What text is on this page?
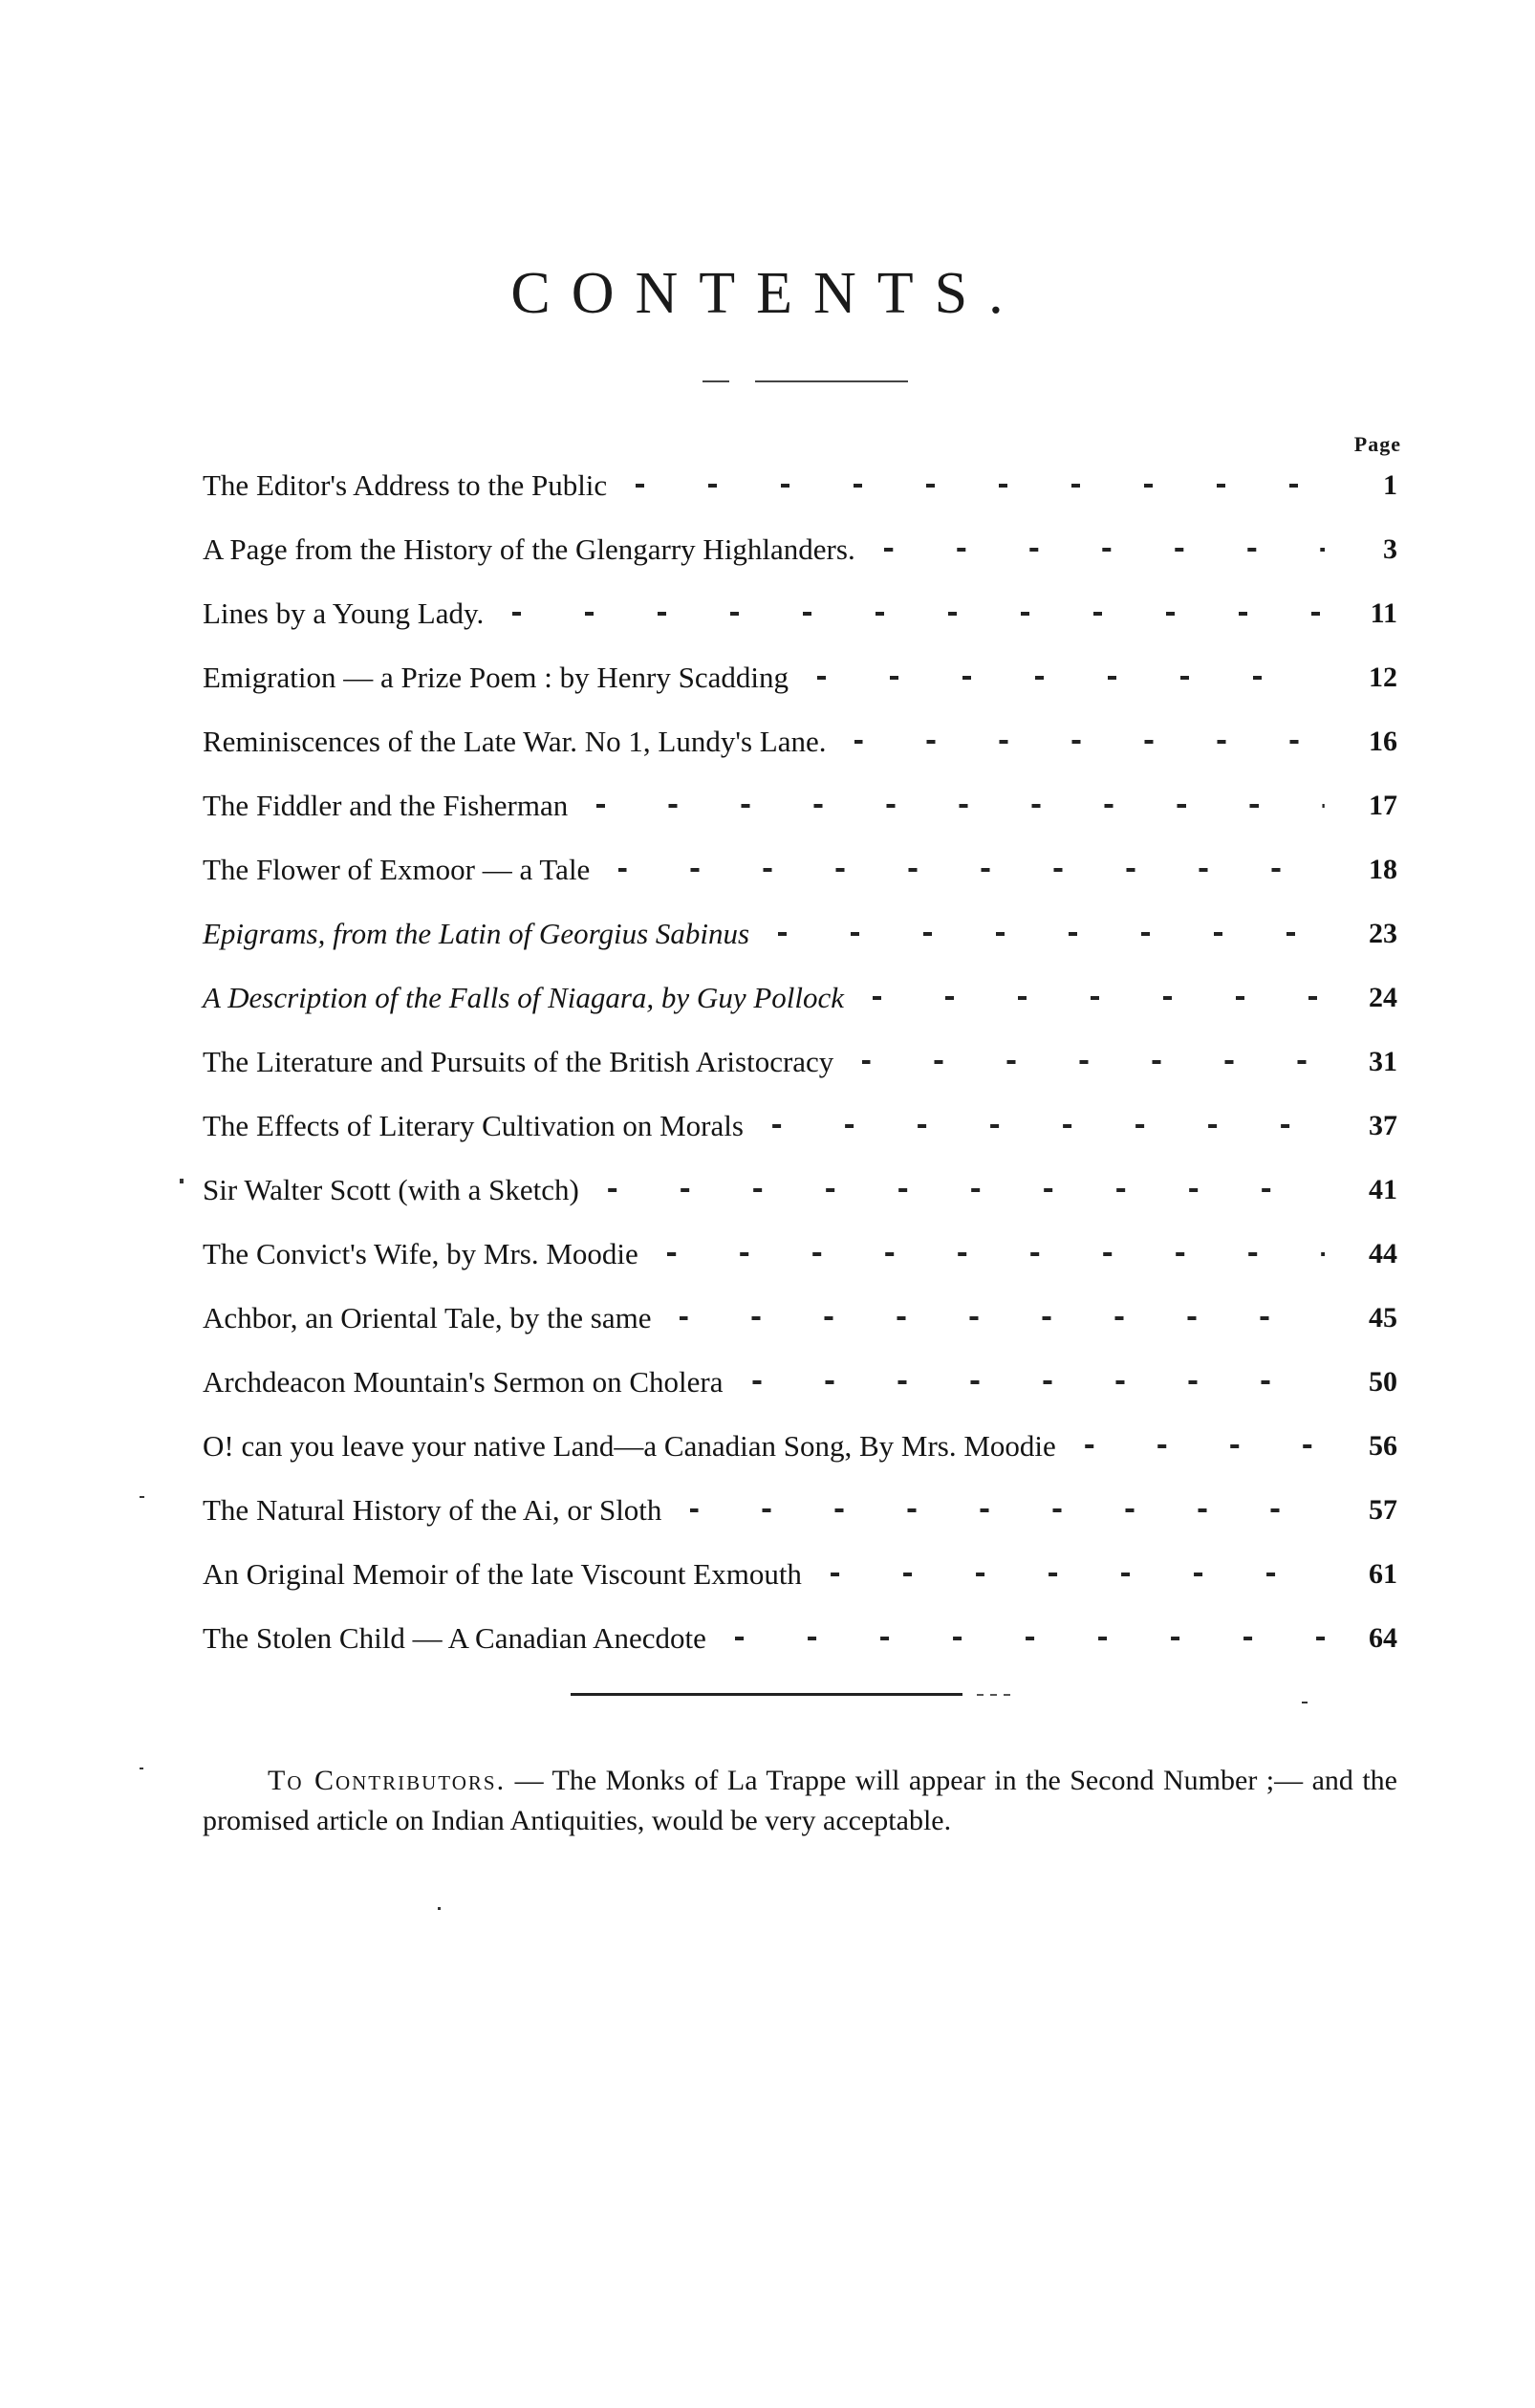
CONTENTS.
Page
The Editor's Address to the Public	1
A Page from the History of the Glengarry Highlanders.	3
Lines by a Young Lady.	11
Emigration — a Prize Poem : by Henry Scadding	12
Reminiscences of the Late War. No 1, Lundy's Lane.	16
The Fiddler and the Fisherman	17
The Flower of Exmoor — a Tale	18
Epigrams, from the Latin of Georgius Sabinus	23
A Description of the Falls of Niagara, by Guy Pollock	24
The Literature and Pursuits of the British Aristocracy	31
The Effects of Literary Cultivation on Morals	37
Sir Walter Scott (with a Sketch)	41
The Convict's Wife, by Mrs. Moodie	44
Achbor, an Oriental Tale, by the same	45
Archdeacon Mountain's Sermon on Cholera	50
O! can you leave your native Land—a Canadian Song, By Mrs. Moodie	56
The Natural History of the Ai, or Sloth	57
An Original Memoir of the late Viscount Exmouth	61
The Stolen Child — A Canadian Anecdote	64

To Contributors. — The Monks of La Trappe will appear in the Second Number ;— and the promised article on Indian Antiquities, would be very acceptable.
